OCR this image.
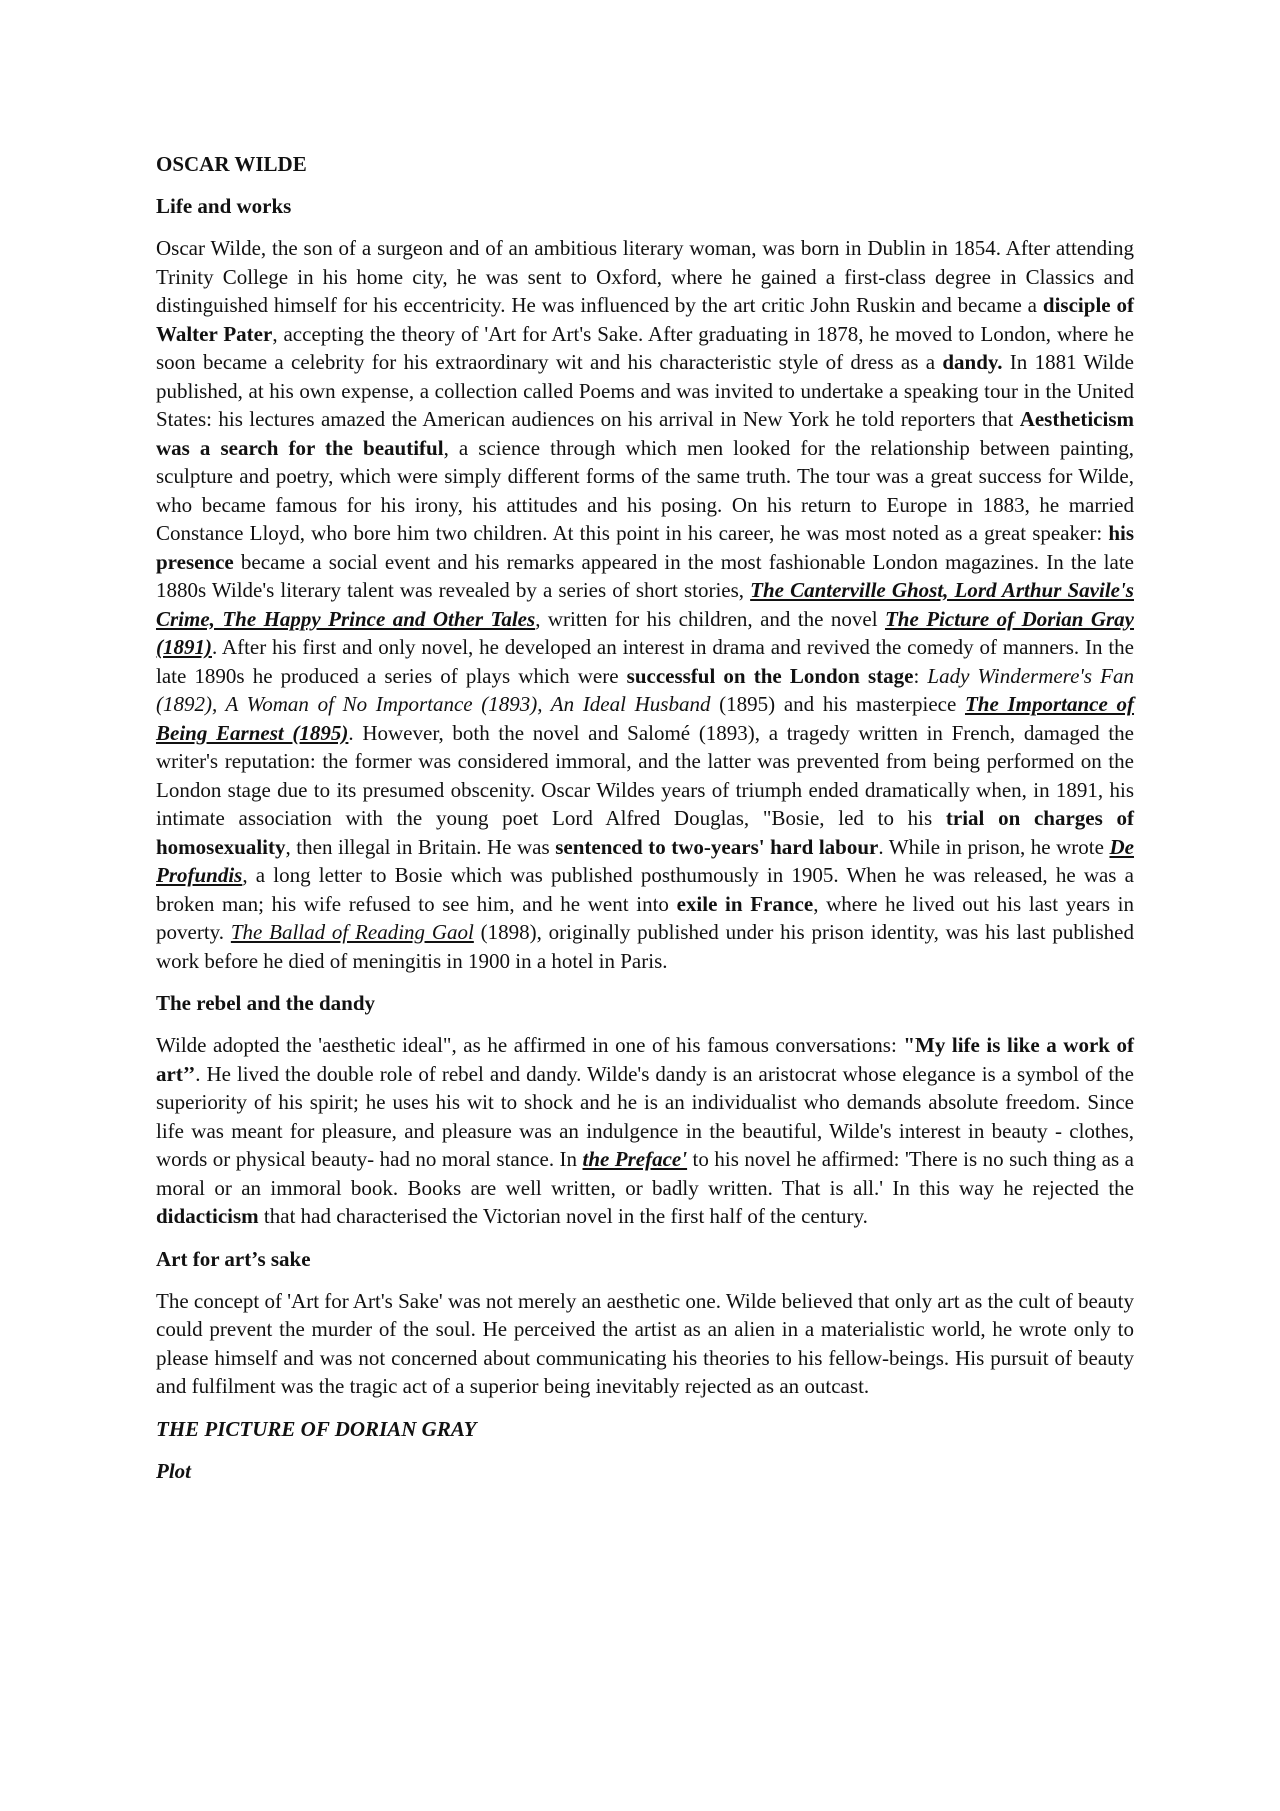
OSCAR WILDE
Life and works
Oscar Wilde, the son of a surgeon and of an ambitious literary woman, was born in Dublin in 1854. After attending Trinity College in his home city, he was sent to Oxford, where he gained a first-class degree in Classics and distinguished himself for his eccentricity. He was influenced by the art critic John Ruskin and became a disciple of Walter Pater, accepting the theory of 'Art for Art's Sake. After graduating in 1878, he moved to London, where he soon became a celebrity for his extraordinary wit and his characteristic style of dress as a dandy. In 1881 Wilde published, at his own expense, a collection called Poems and was invited to undertake a speaking tour in the United States: his lectures amazed the American audiences on his arrival in New York he told reporters that Aestheticism was a search for the beautiful, a science through which men looked for the relationship between painting, sculpture and poetry, which were simply different forms of the same truth. The tour was a great success for Wilde, who became famous for his irony, his attitudes and his posing. On his return to Europe in 1883, he married Constance Lloyd, who bore him two children. At this point in his career, he was most noted as a great speaker: his presence became a social event and his remarks appeared in the most fashionable London magazines. In the late 1880s Wilde's literary talent was revealed by a series of short stories, The Canterville Ghost, Lord Arthur Savile's Crime, The Happy Prince and Other Tales, written for his children, and the novel The Picture of Dorian Gray (1891). After his first and only novel, he developed an interest in drama and revived the comedy of manners. In the late 1890s he produced a series of plays which were successful on the London stage: Lady Windermere's Fan (1892), A Woman of No Importance (1893), An Ideal Husband (1895) and his masterpiece The Importance of Being Earnest (1895). However, both the novel and Salomé (1893), a tragedy written in French, damaged the writer's reputation: the former was considered immoral, and the latter was prevented from being performed on the London stage due to its presumed obscenity. Oscar Wildes years of triumph ended dramatically when, in 1891, his intimate association with the young poet Lord Alfred Douglas, "Bosie, led to his trial on charges of homosexuality, then illegal in Britain. He was sentenced to two-years' hard labour. While in prison, he wrote De Profundis, a long letter to Bosie which was published posthumously in 1905. When he was released, he was a broken man; his wife refused to see him, and he went into exile in France, where he lived out his last years in poverty. The Ballad of Reading Gaol (1898), originally published under his prison identity, was his last published work before he died of meningitis in 1900 in a hotel in Paris.
The rebel and the dandy
Wilde adopted the 'aesthetic ideal", as he affirmed in one of his famous conversations: "My life is like a work of art’’. He lived the double role of rebel and dandy. Wilde's dandy is an aristocrat whose elegance is a symbol of the superiority of his spirit; he uses his wit to shock and he is an individualist who demands absolute freedom. Since life was meant for pleasure, and pleasure was an indulgence in the beautiful, Wilde's interest in beauty - clothes, words or physical beauty- had no moral stance. In the Preface' to his novel he affirmed: 'There is no such thing as a moral or an immoral book. Books are well written, or badly written. That is all.' In this way he rejected the didacticism that had characterised the Victorian novel in the first half of the century.
Art for art’s sake
The concept of 'Art for Art's Sake' was not merely an aesthetic one. Wilde believed that only art as the cult of beauty could prevent the murder of the soul. He perceived the artist as an alien in a materialistic world, he wrote only to please himself and was not concerned about communicating his theories to his fellow-beings. His pursuit of beauty and fulfilment was the tragic act of a superior being inevitably rejected as an outcast.
THE PICTURE OF DORIAN GRAY
Plot
